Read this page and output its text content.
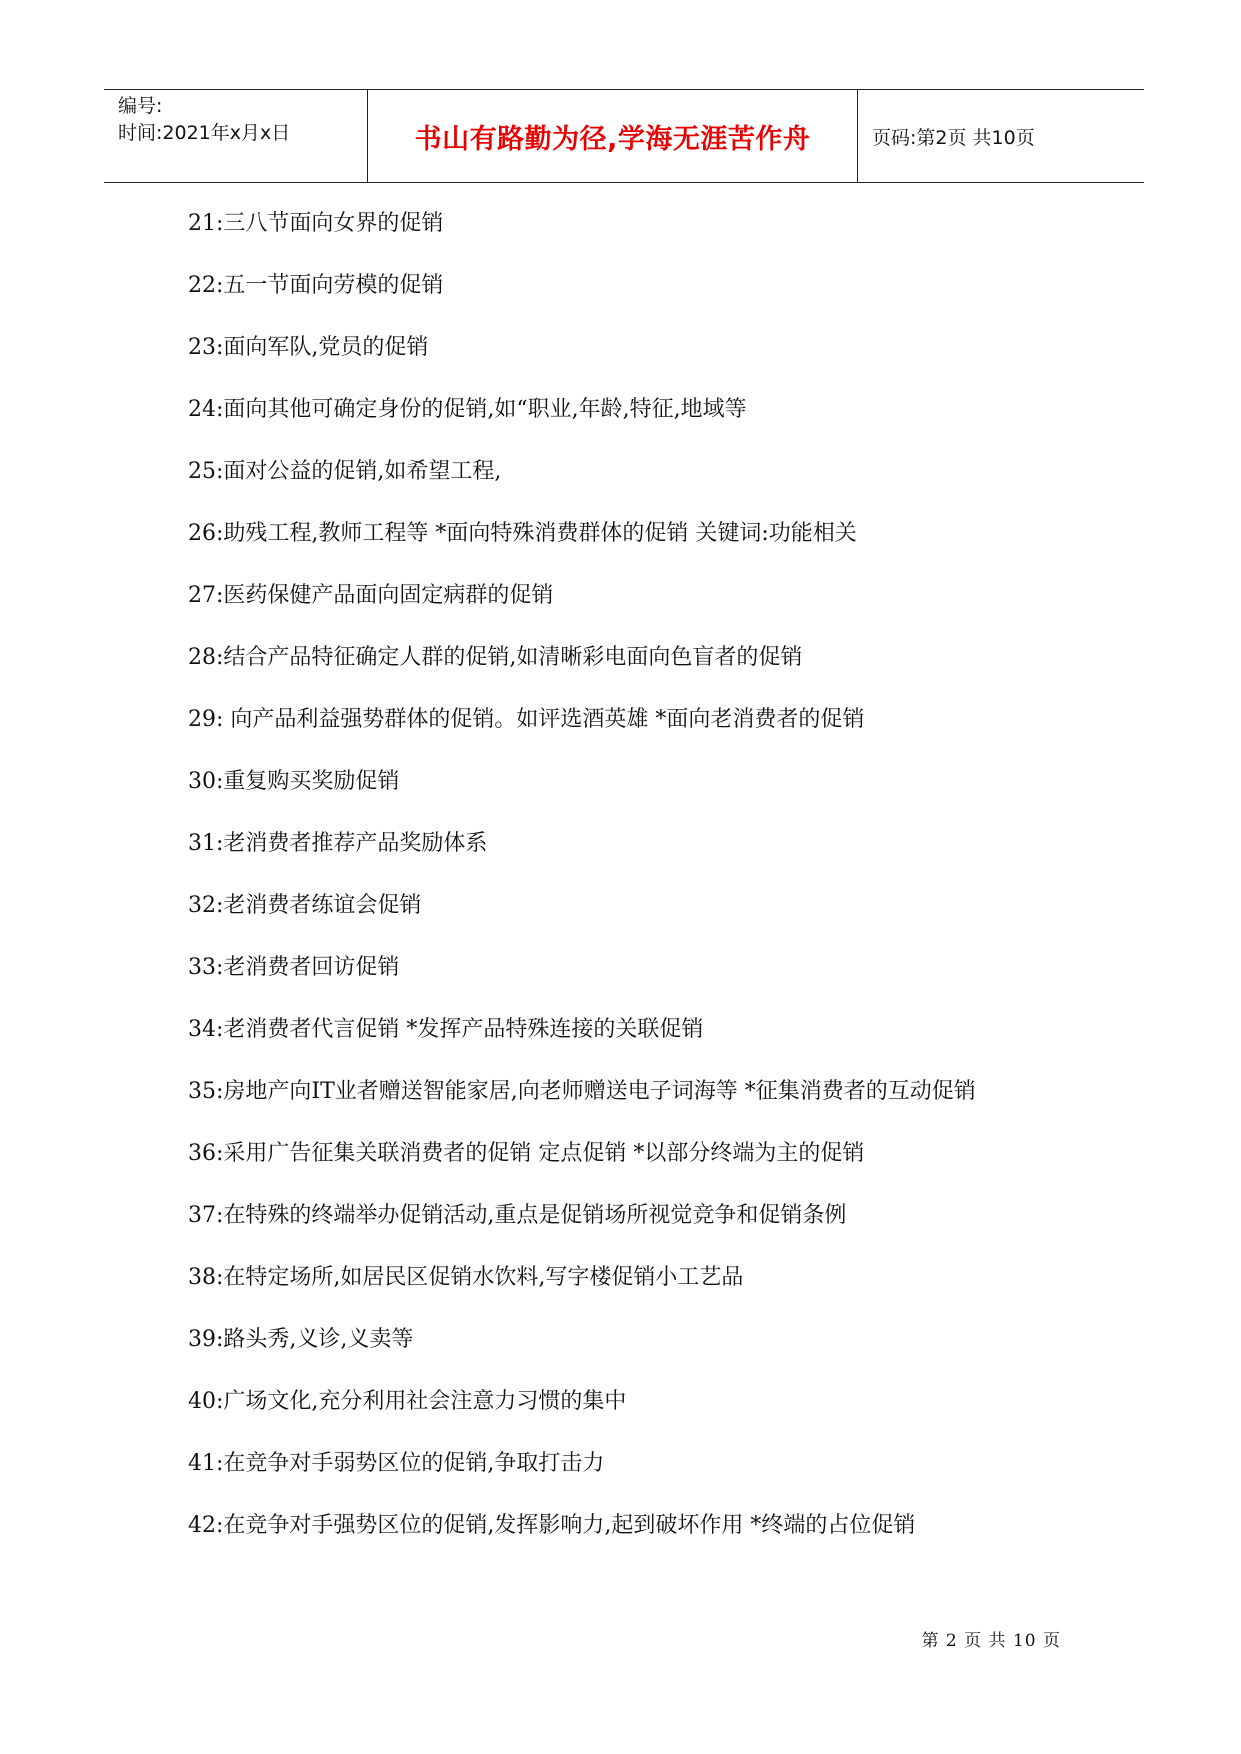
编号:
时间:2021年x月x日	书山有路勤为径,学海无涯苦作舟	页码:第2页 共10页

21:三八节面向女界的促销

22:五一节面向劳模的促销

23:面向军队,党员的促销

24:面向其他可确定身份的促销,如“职业,年龄,特征,地域等

25:面对公益的促销,如希望工程,

26:助残工程,教师工程等 *面向特殊消费群体的促销 关键词:功能相关

27:医药保健产品面向固定病群的促销

28:结合产品特征确定人群的促销,如清晰彩电面向色盲者的促销

29: 向产品利益强势群体的促销。如评选酒英雄 *面向老消费者的促销

30:重复购买奖励促销

31:老消费者推荐产品奖励体系

32:老消费者练谊会促销

33:老消费者回访促销

34:老消费者代言促销 *发挥产品特殊连接的关联促销

35:房地产向IT业者赠送智能家居,向老师赠送电子词海等 *征集消费者的互动促销

36:采用广告征集关联消费者的促销 定点促销 *以部分终端为主的促销

37:在特殊的终端举办促销活动,重点是促销场所视觉竞争和促销条例

38:在特定场所,如居民区促销水饮料,写字楼促销小工艺品

39:路头秀,义诊,义卖等

40:广场文化,充分利用社会注意力习惯的集中

41:在竞争对手弱势区位的促销,争取打击力

42:在竞争对手强势区位的促销,发挥影响力,起到破坏作用 *终端的占位促销

第 2 页 共 10 页
